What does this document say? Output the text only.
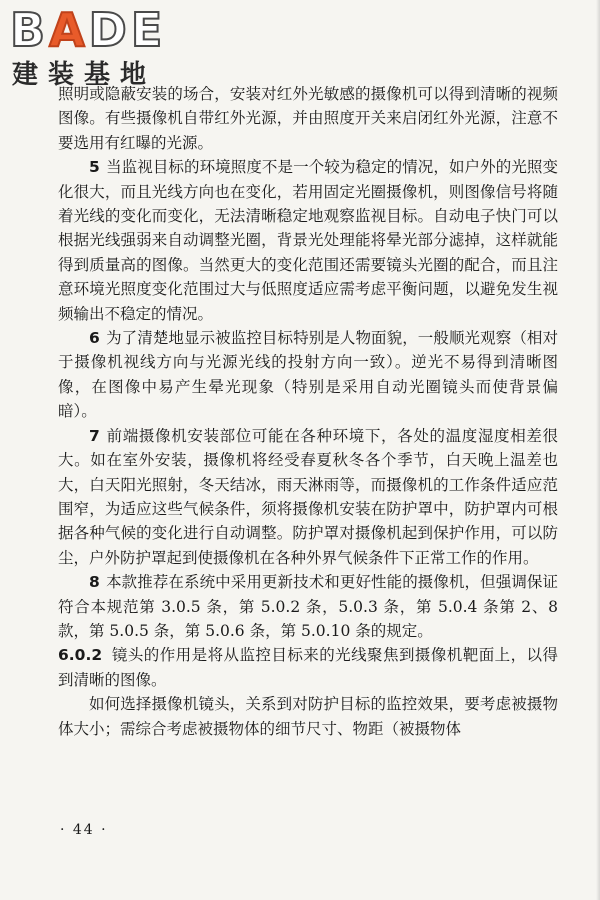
BADE
建装基地

照明或隐蔽安装的场合，安装对红外光敏感的摄像机可以得到清晰的视频图像。有些摄像机自带红外光源，并由照度开关来启闭红外光源，注意不要选用有红曝的光源。

5 当监视目标的环境照度不是一个较为稳定的情况，如户外的光照变化很大，而且光线方向也在变化，若用固定光圈摄像机，则图像信号将随着光线的变化而变化，无法清晰稳定地观察监视目标。自动电子快门可以根据光线强弱来自动调整光圈，背景光处理能将晕光部分滤掉，这样就能得到质量高的图像。当然更大的变化范围还需要镜头光圈的配合，而且注意环境光照度变化范围过大与低照度适应需考虑平衡问题，以避免发生视频输出不稳定的情况。

6 为了清楚地显示被监控目标特别是人物面貌，一般顺光观察（相对于摄像机视线方向与光源光线的投射方向一致）。逆光不易得到清晰图像，在图像中易产生晕光现象（特别是采用自动光圈镜头而使背景偏暗）。

7 前端摄像机安装部位可能在各种环境下，各处的温度湿度相差很大。如在室外安装，摄像机将经受春夏秋冬各个季节，白天晚上温差也大，白天阳光照射，冬天结冰，雨天淋雨等，而摄像机的工作条件适应范围窄，为适应这些气候条件，须将摄像机安装在防护罩中，防护罩内可根据各种气候的变化进行自动调整。防护罩对摄像机起到保护作用，可以防尘，户外防护罩起到使摄像机在各种外界气候条件下正常工作的作用。

8 本款推荐在系统中采用更新技术和更好性能的摄像机，但强调保证符合本规范第 3.0.5 条，第 5.0.2 条，5.0.3 条，第 5.0.4 条第 2、8 款，第 5.0.5 条，第 5.0.6 条，第 5.0.10 条的规定。

6.0.2 镜头的作用是将从监控目标来的光线聚焦到摄像机靶面上，以得到清晰的图像。

如何选择摄像机镜头，关系到对防护目标的监控效果，要考虑被摄物体大小；需综合考虑被摄物体的细节尺寸、物距（被摄物体

· 44 ·
